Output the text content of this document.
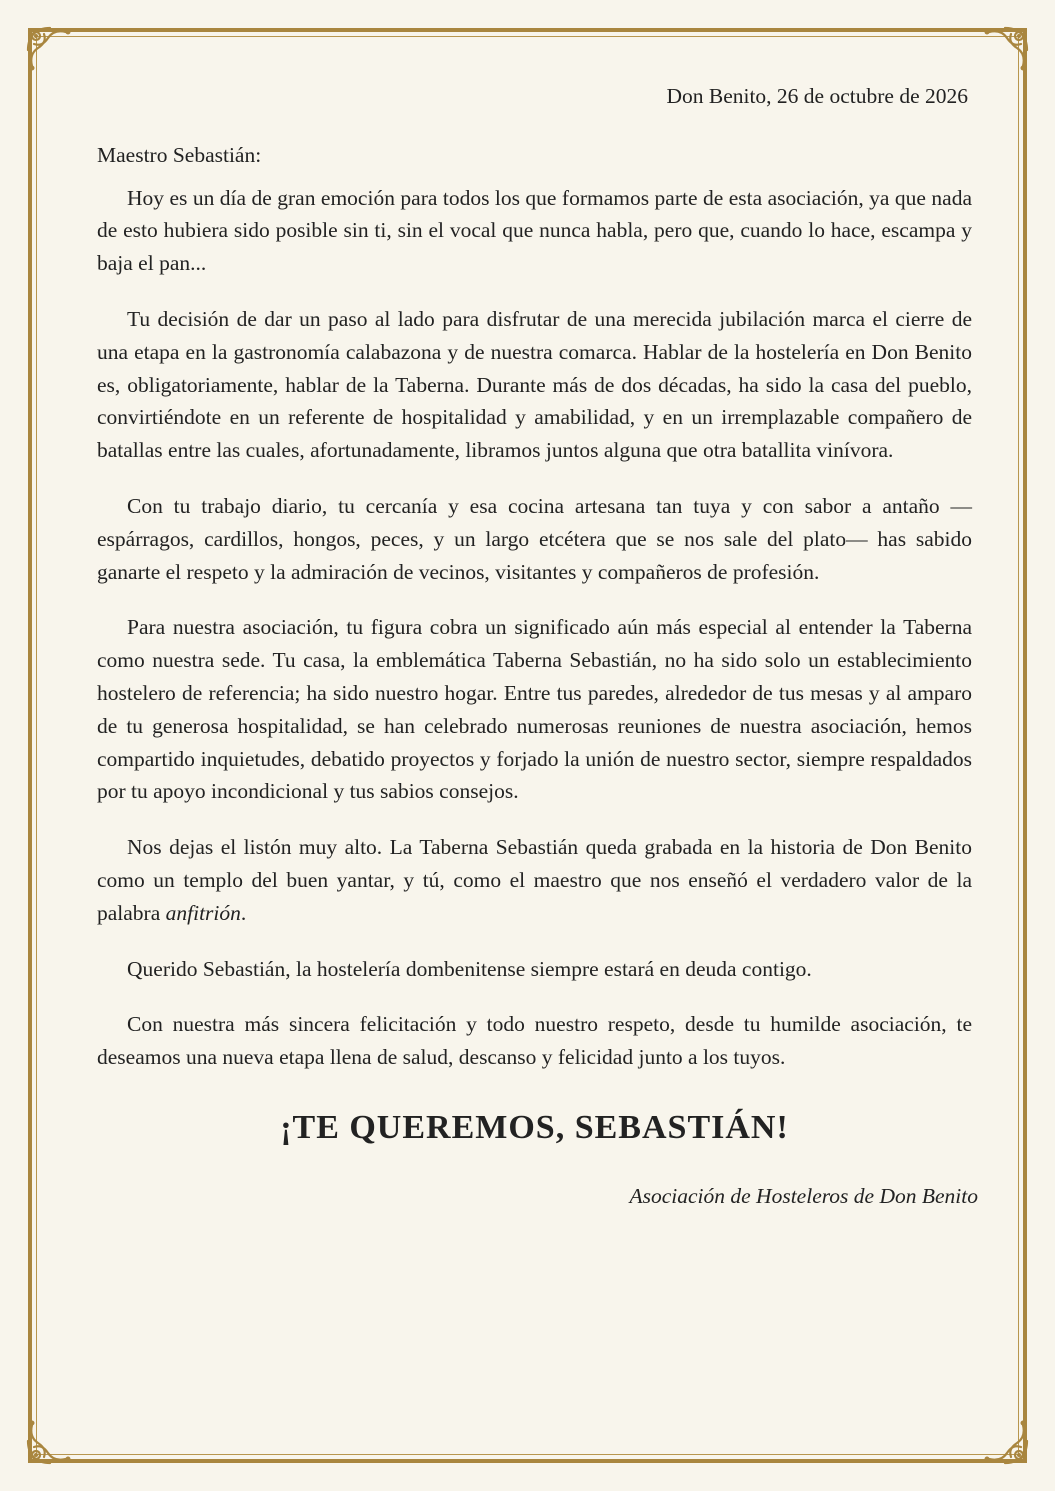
Don Benito, 26 de octubre de 2026

Maestro Sebastián:

Hoy es un día de gran emoción para todos los que formamos parte de esta asociación, ya que nada de esto hubiera sido posible sin ti, sin el vocal que nunca habla, pero que, cuando lo hace, escampa y baja el pan...

Tu decisión de dar un paso al lado para disfrutar de una merecida jubilación marca el cierre de una etapa en la gastronomía calabazona y de nuestra comarca. Hablar de la hostelería en Don Benito es, obligatoriamente, hablar de la Taberna. Durante más de dos décadas, ha sido la casa del pueblo, convirtiéndote en un referente de hospitalidad y amabilidad, y en un irremplazable compañero de batallas entre las cuales, afortunadamente, libramos juntos alguna que otra batallita vinívora.

Con tu trabajo diario, tu cercanía y esa cocina artesana tan tuya y con sabor a antaño —espárragos, cardillos, hongos, peces, y un largo etcétera que se nos sale del plato— has sabido ganarte el respeto y la admiración de vecinos, visitantes y compañeros de profesión.

Para nuestra asociación, tu figura cobra un significado aún más especial al entender la Taberna como nuestra sede. Tu casa, la emblemática Taberna Sebastián, no ha sido solo un establecimiento hostelero de referencia; ha sido nuestro hogar. Entre tus paredes, alrededor de tus mesas y al amparo de tu generosa hospitalidad, se han celebrado numerosas reuniones de nuestra asociación, hemos compartido inquietudes, debatido proyectos y forjado la unión de nuestro sector, siempre respaldados por tu apoyo incondicional y tus sabios consejos.

Nos dejas el listón muy alto. La Taberna Sebastián queda grabada en la historia de Don Benito como un templo del buen yantar, y tú, como el maestro que nos enseñó el verdadero valor de la palabra anfitrión.

Querido Sebastián, la hostelería dombenitense siempre estará en deuda contigo.

Con nuestra más sincera felicitación y todo nuestro respeto, desde tu humilde asociación, te deseamos una nueva etapa llena de salud, descanso y felicidad junto a los tuyos.

¡TE QUEREMOS, SEBASTIÁN!

Asociación de Hosteleros de Don Benito
